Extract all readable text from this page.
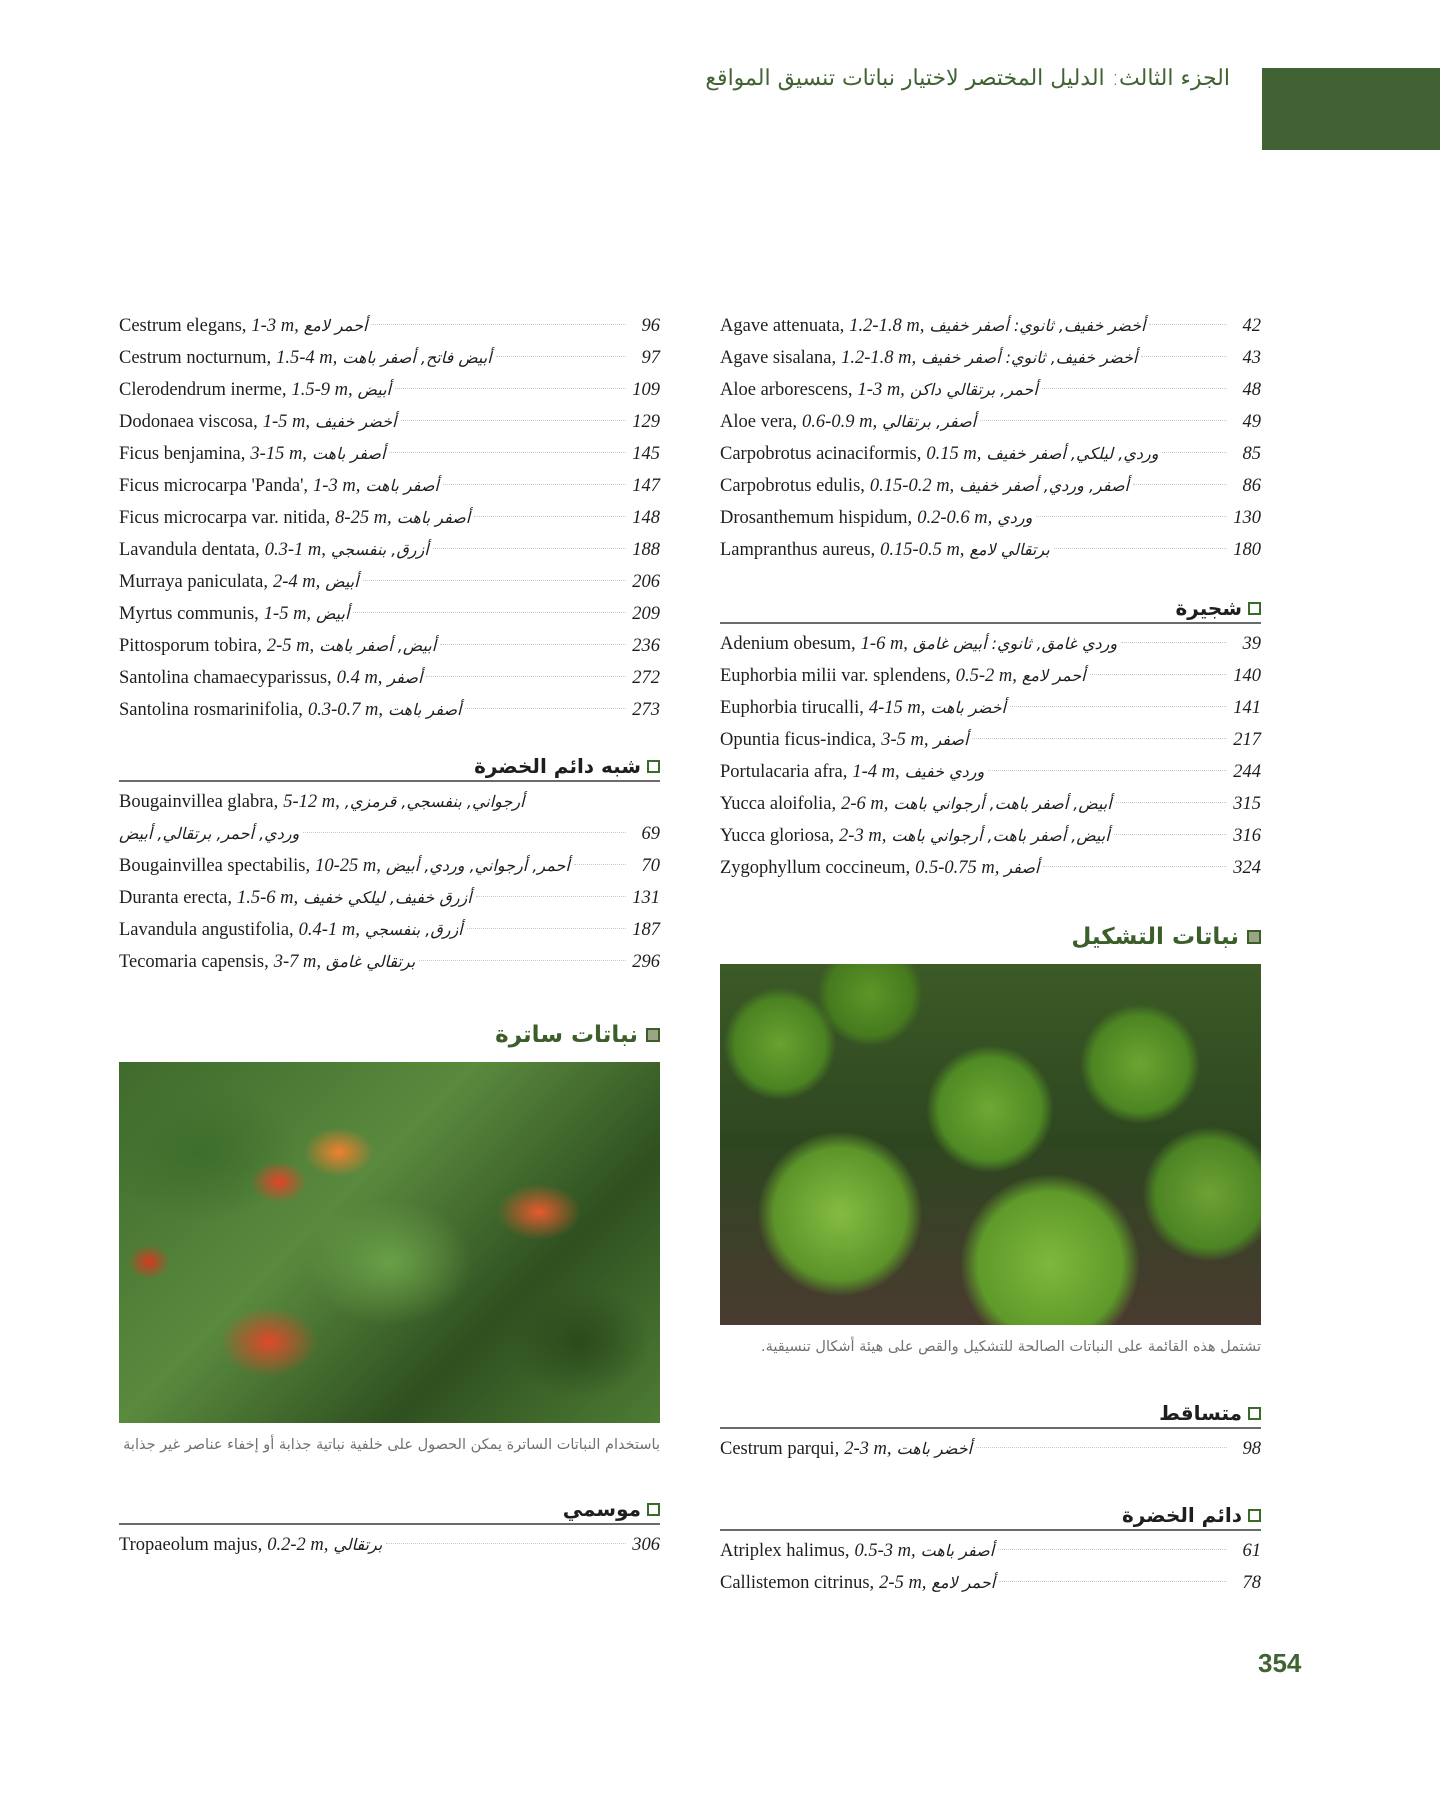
الجزء الثالث: الدليل المختصر لاختيار نباتات تنسيق المواقع
Cestrum elegans, 1-3 m, أحمر لامع	96
Cestrum nocturnum, 1.5-4 m, أبيض فاتح, أصفر باهت	97
Clerodendrum inerme, 1.5-9 m, أبيض	109
Dodonaea viscosa, 1-5 m, أخضر خفيف	129
Ficus benjamina, 3-15 m, أصفر باهت	145
Ficus microcarpa 'Panda', 1-3 m, أصفر باهت	147
Ficus microcarpa var. nitida, 8-25 m, أصفر باهت	148
Lavandula dentata, 0.3-1 m, أزرق, بنفسجي	188
Murraya paniculata, 2-4 m, أبيض	206
Myrtus communis, 1-5 m, أبيض	209
Pittosporum tobira, 2-5 m, أبيض, أصفر باهت	236
Santolina chamaecyparissus, 0.4 m, أصفر	272
Santolina rosmarinifolia, 0.3-0.7 m, أصفر باهت	273
شبه دائم الخضرة
Bougainvillea glabra, 5-12 m, أرجواني, بنفسجي, قرمزي,
وردي, أحمر, برتقالي, أبيض	69
Bougainvillea spectabilis, 10-25 m, أحمر, أرجواني, وردي, أبيض	70
Duranta erecta, 1.5-6 m, أزرق خفيف, ليلكي خفيف	131
Lavandula angustifolia, 0.4-1 m, أزرق, بنفسجي	187
Tecomaria capensis, 3-7 m, برتقالي غامق	296
نباتات ساترة
باستخدام النباتات الساترة يمكن الحصول على خلفية نباتية جذابة أو إخفاء عناصر غير جذابة
موسمي
Tropaeolum majus, 0.2-2 m, برتقالي	306
Agave attenuata, 1.2-1.8 m, أخضر خفيف, ثانوي: أصفر خفيف	42
Agave sisalana, 1.2-1.8 m, أخضر خفيف, ثانوي: أصفر خفيف	43
Aloe arborescens, 1-3 m, أحمر, برتقالي داكن	48
Aloe vera, 0.6-0.9 m, أصفر, برتقالي	49
Carpobrotus acinaciformis, 0.15 m, وردي, ليلكي, أصفر خفيف	85
Carpobrotus edulis, 0.15-0.2 m, أصفر, وردي, أصفر خفيف	86
Drosanthemum hispidum, 0.2-0.6 m, وردي	130
Lampranthus aureus, 0.15-0.5 m, برتقالي لامع	180
شجيرة
Adenium obesum, 1-6 m, وردي غامق, ثانوي: أبيض غامق	39
Euphorbia milii var. splendens, 0.5-2 m, أحمر لامع	140
Euphorbia tirucalli, 4-15 m, أخضر باهت	141
Opuntia ficus-indica, 3-5 m, أصفر	217
Portulacaria afra, 1-4 m, وردي خفيف	244
Yucca aloifolia, 2-6 m, أبيض, أصفر باهت, أرجواني باهت	315
Yucca gloriosa, 2-3 m, أبيض, أصفر باهت, أرجواني باهت	316
Zygophyllum coccineum, 0.5-0.75 m, أصفر	324
نباتات التشكيل
تشتمل هذه القائمة على النباتات الصالحة للتشكيل والقص على هيئة أشكال تنسيقية.
متساقط
Cestrum parqui, 2-3 m, أخضر باهت	98
دائم الخضرة
Atriplex halimus, 0.5-3 m, أصفر باهت	61
Callistemon citrinus, 2-5 m, أحمر لامع	78
354
